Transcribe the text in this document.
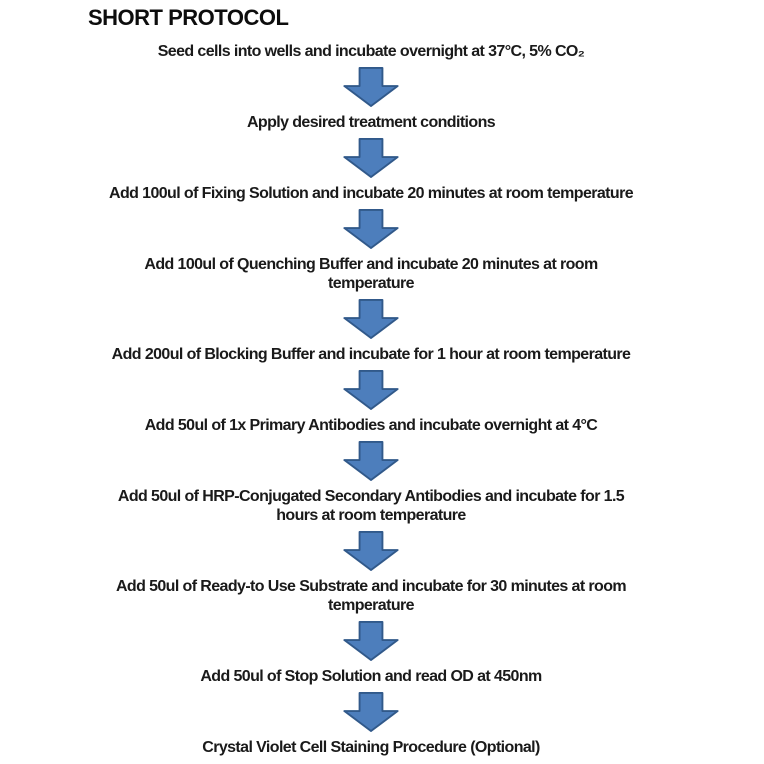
SHORT PROTOCOL
Seed cells into wells and incubate overnight at 37°C, 5% CO₂
Apply desired treatment conditions
Add 100ul of Fixing Solution and incubate 20 minutes at room temperature
Add 100ul of Quenching Buffer and incubate 20 minutes at room
temperature
Add 200ul of Blocking Buffer and incubate for 1 hour at room temperature
Add 50ul of 1x Primary Antibodies and incubate overnight at 4°C
Add 50ul of HRP-Conjugated Secondary Antibodies and incubate for 1.5
hours at room temperature
Add 50ul of Ready-to Use Substrate and incubate for 30 minutes at room
temperature
Add 50ul of Stop Solution and read OD at 450nm
Crystal Violet Cell Staining Procedure (Optional)
